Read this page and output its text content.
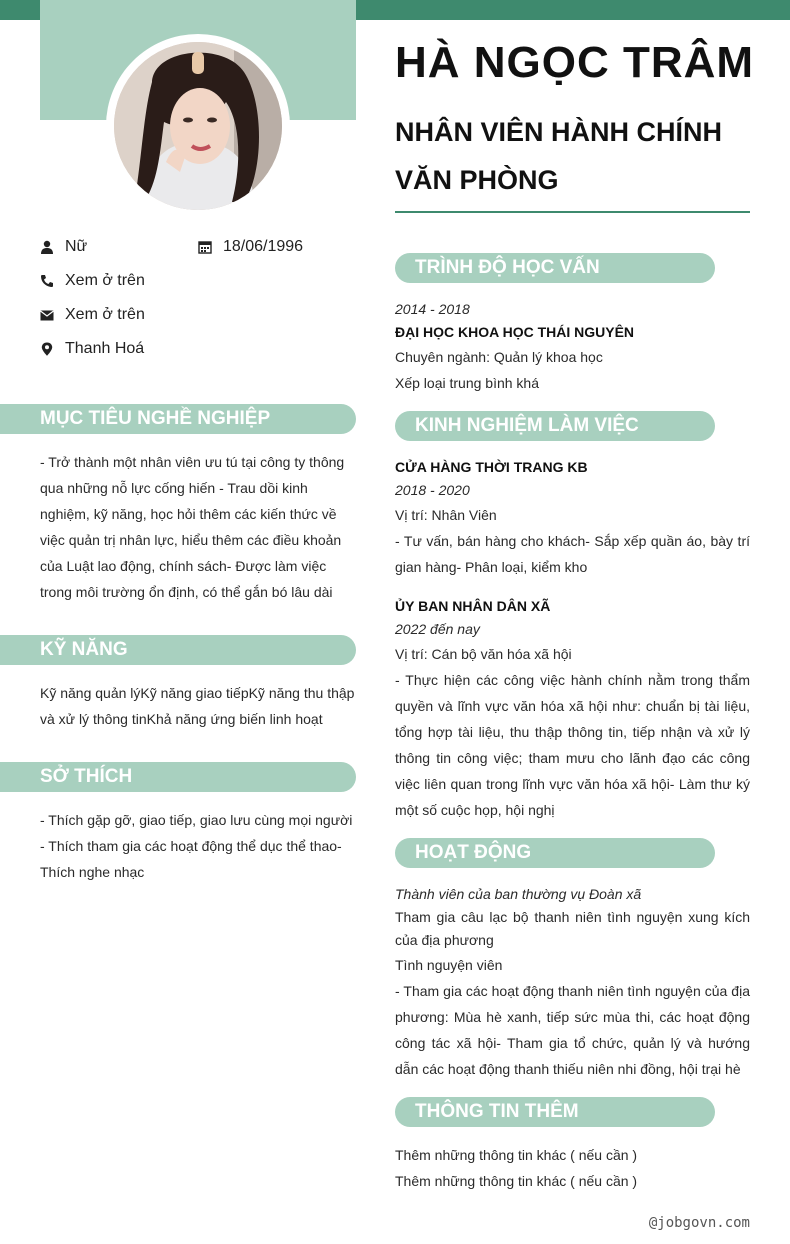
Nữ	18/06/1996
Xem ở trên
Xem ở trên
Thanh Hoá
MỤC TIÊU NGHỀ NGHIỆP
- Trở thành một nhân viên ưu tú tại công ty thông qua những nỗ lực cống hiến - Trau dồi kinh nghiệm, kỹ năng, học hỏi thêm các kiến thức về việc quản trị nhân lực, hiểu thêm các điều khoản của Luật lao động, chính sách- Được làm việc trong môi trường ổn định, có thể gắn bó lâu dài
KỸ NĂNG
Kỹ năng quản lýKỹ năng giao tiếpKỹ năng thu thập và xử lý thông tinKhả năng ứng biến linh hoạt
SỞ THÍCH
- Thích gặp gỡ, giao tiếp, giao lưu cùng mọi người - Thích tham gia các hoạt động thể dục thể thao- Thích nghe nhạc
HÀ NGỌC TRÂM
NHÂN VIÊN HÀNH CHÍNH VĂN PHÒNG
TRÌNH ĐỘ HỌC VẤN
2014 - 2018
ĐẠI HỌC KHOA HỌC THÁI NGUYÊN
Chuyên ngành: Quản lý khoa học
Xếp loại trung bình khá
KINH NGHIỆM LÀM VIỆC
CỬA HÀNG THỜI TRANG KB
2018 - 2020
Vị trí: Nhân Viên
- Tư vấn, bán hàng cho khách- Sắp xếp quần áo, bày trí gian hàng- Phân loại, kiểm kho
ỦY BAN NHÂN DÂN XÃ
2022 đến nay
Vị trí: Cán bộ văn hóa xã hội
- Thực hiện các công việc hành chính nằm trong thẩm quyền và lĩnh vực văn hóa xã hội như: chuẩn bị tài liệu, tổng hợp tài liệu, thu thập thông tin, tiếp nhận và xử lý thông tin công việc; tham mưu cho lãnh đạo các công việc liên quan trong lĩnh vực văn hóa xã hội- Làm thư ký một số cuộc họp, hội nghị
HOẠT ĐỘNG
Thành viên của ban thường vụ Đoàn xã
Tham gia câu lạc bộ thanh niên tình nguyện xung kích của địa phương
Tình nguyện viên
- Tham gia các hoạt động thanh niên tình nguyện của địa phương: Mùa hè xanh, tiếp sức mùa thi, các hoạt động công tác xã hội- Tham gia tổ chức, quản lý và hướng dẫn các hoạt động thanh thiếu niên nhi đồng, hội trại hè
THÔNG TIN THÊM
Thêm những thông tin khác ( nếu cần )
Thêm những thông tin khác ( nếu cần )
@jobgovn.com
